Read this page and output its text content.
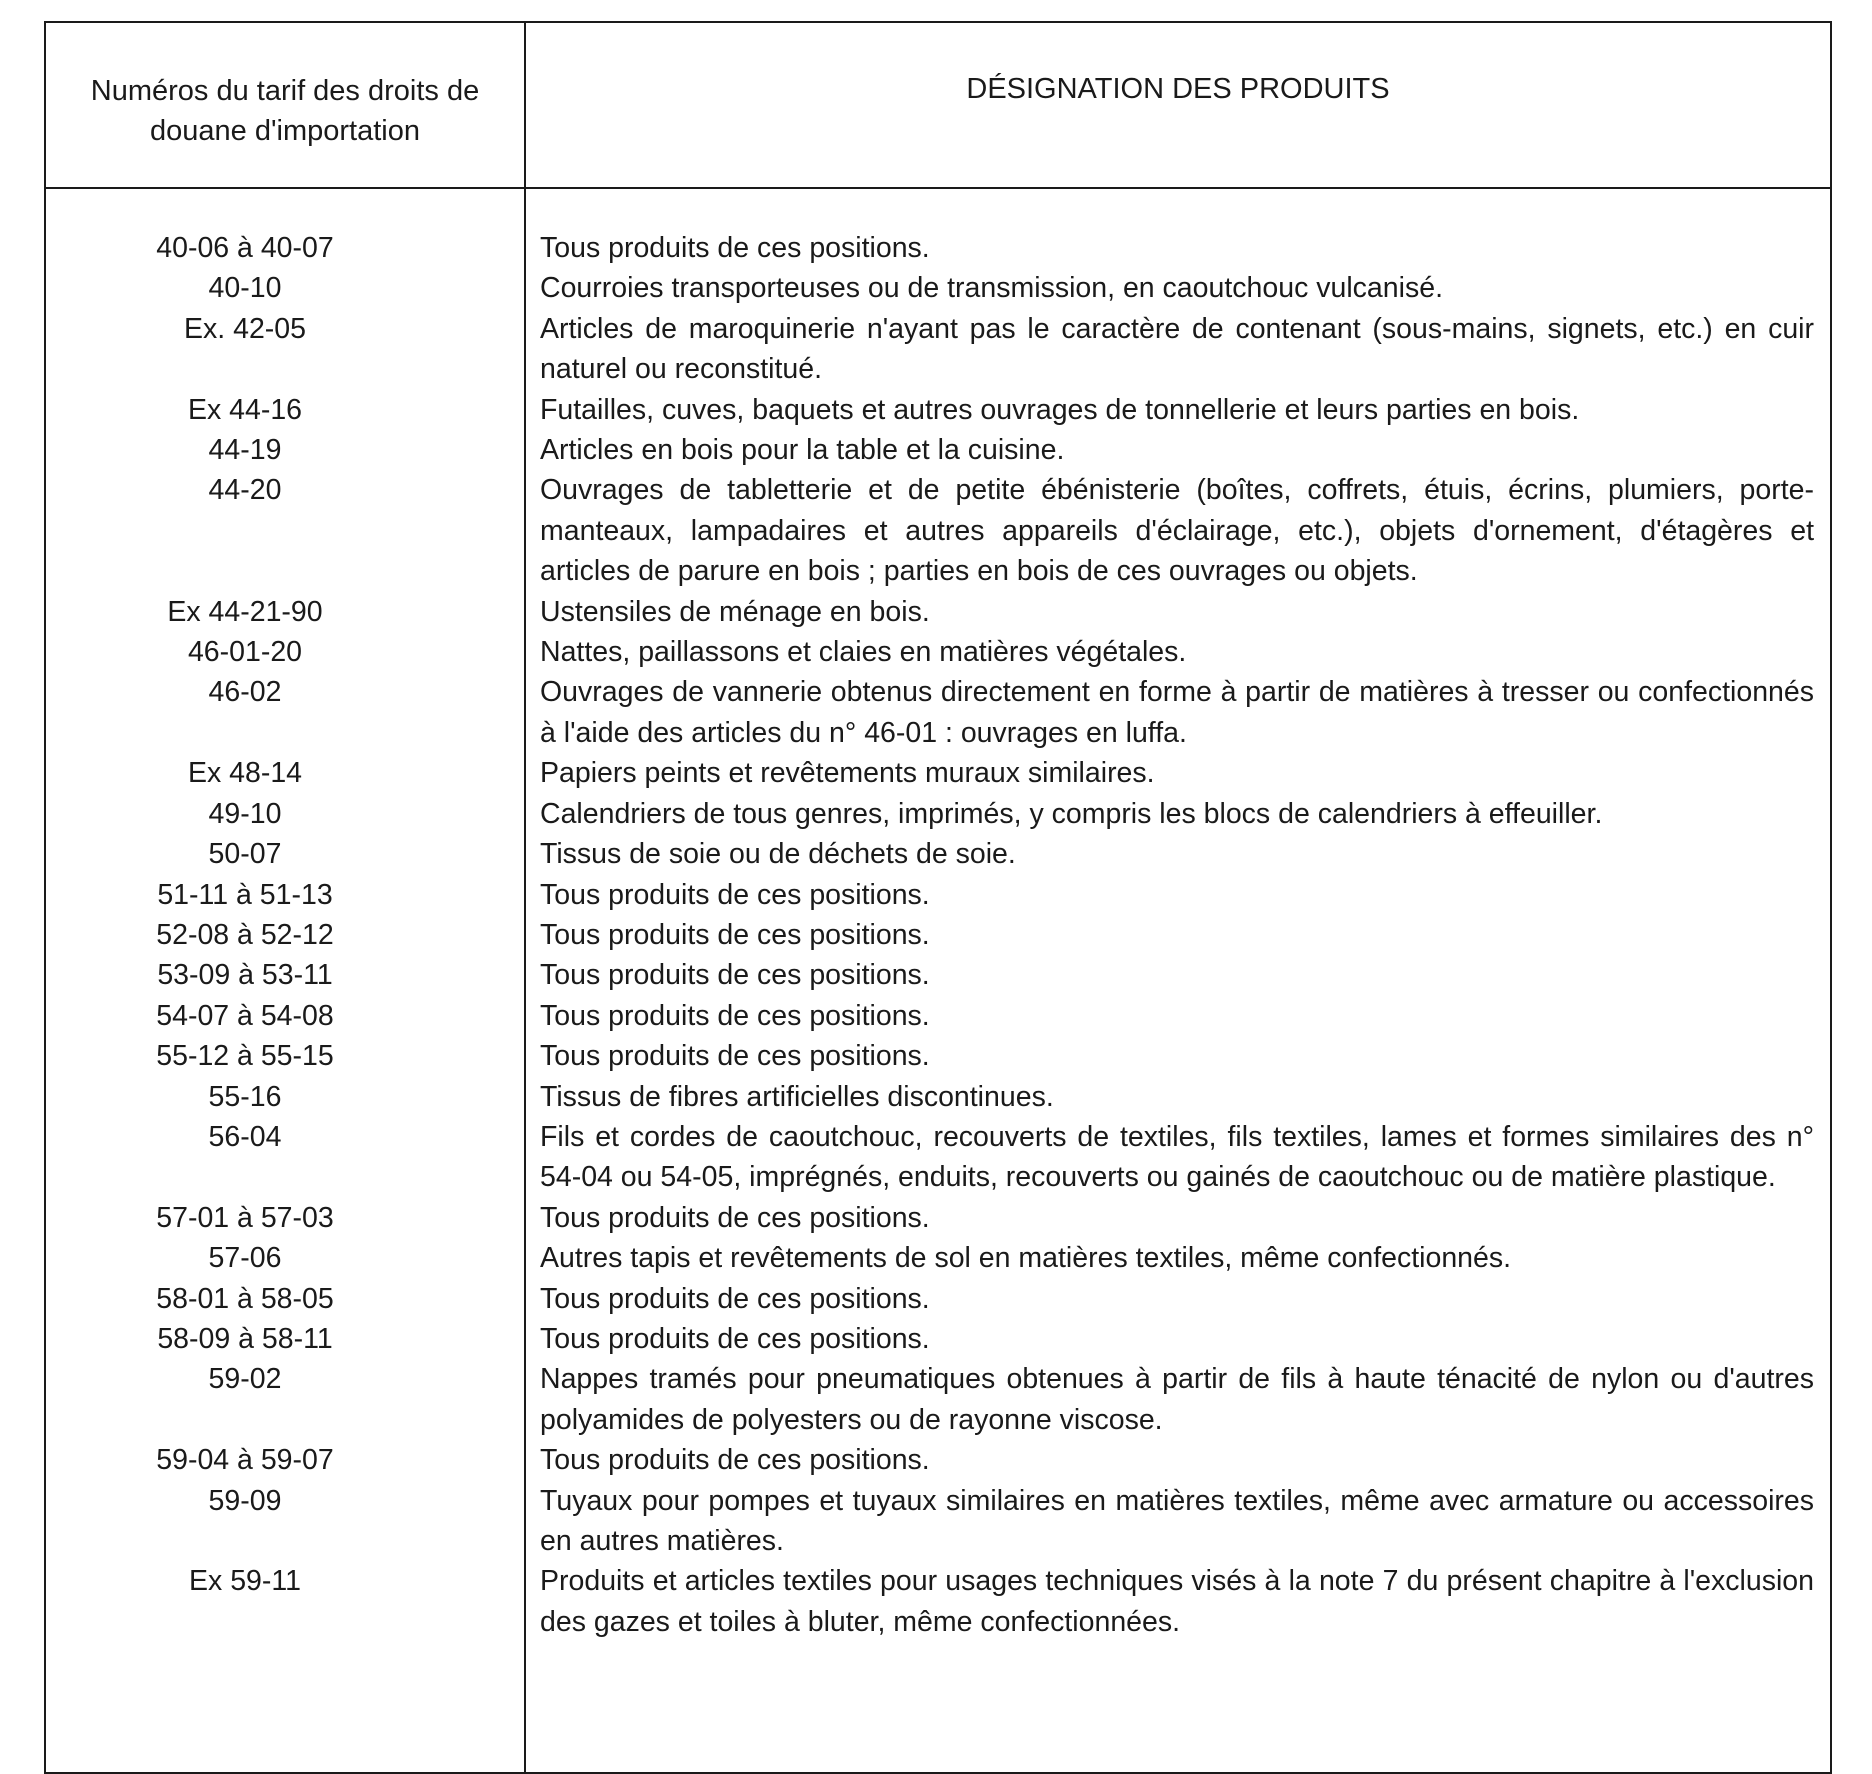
Numéros du tarif des droits de douane d'importation
DÉSIGNATION DES PRODUITS
40-06 à 40-07	Tous produits de ces positions.
40-10	Courroies transporteuses ou de transmission, en caoutchouc vulcanisé.
Ex. 42-05	Articles de maroquinerie n'ayant pas le caractère de contenant (sous-mains, signets, etc.) en cuir naturel ou reconstitué.
Ex 44-16	Futailles, cuves, baquets et autres ouvrages de tonnellerie et leurs parties en bois.
44-19	Articles en bois pour la table et la cuisine.
44-20	Ouvrages de tabletterie et de petite ébénisterie (boîtes, coffrets, étuis, écrins, plumiers, porte-manteaux, lampadaires et autres appareils d'éclairage, etc.), objets d'ornement, d'étagères et articles de parure en bois ; parties en bois de ces ouvrages ou objets.
Ex 44-21-90	Ustensiles de ménage en bois.
46-01-20	Nattes, paillassons et claies en matières végétales.
46-02	Ouvrages de vannerie obtenus directement en forme à partir de matières à tresser ou confectionnés à l'aide des articles du n° 46-01 : ouvrages en luffa.
Ex 48-14	Papiers peints et revêtements muraux similaires.
49-10	Calendriers de tous genres, imprimés, y compris les blocs de calendriers à effeuiller.
50-07	Tissus de soie ou de déchets de soie.
51-11 à 51-13	Tous produits de ces positions.
52-08 à 52-12	Tous produits de ces positions.
53-09 à 53-11	Tous produits de ces positions.
54-07 à 54-08	Tous produits de ces positions.
55-12 à 55-15	Tous produits de ces positions.
55-16	Tissus de fibres artificielles discontinues.
56-04	Fils et cordes de caoutchouc, recouverts de textiles, fils textiles, lames et formes similaires des n° 54-04 ou 54-05, imprégnés, enduits, recouverts ou gainés de caoutchouc ou de matière plastique.
57-01 à 57-03	Tous produits de ces positions.
57-06	Autres tapis et revêtements de sol en matières textiles, même confectionnés.
58-01 à 58-05	Tous produits de ces positions.
58-09 à 58-11	Tous produits de ces positions.
59-02	Nappes tramés pour pneumatiques obtenues à partir de fils à haute ténacité de nylon ou d'autres polyamides de polyesters ou de rayonne viscose.
59-04 à 59-07	Tous produits de ces positions.
59-09	Tuyaux pour pompes et tuyaux similaires en matières textiles, même avec armature ou accessoires en autres matières.
Ex 59-11	Produits et articles textiles pour usages techniques visés à la note 7 du présent chapitre à l'exclusion des gazes et toiles à bluter, même confectionnées.
